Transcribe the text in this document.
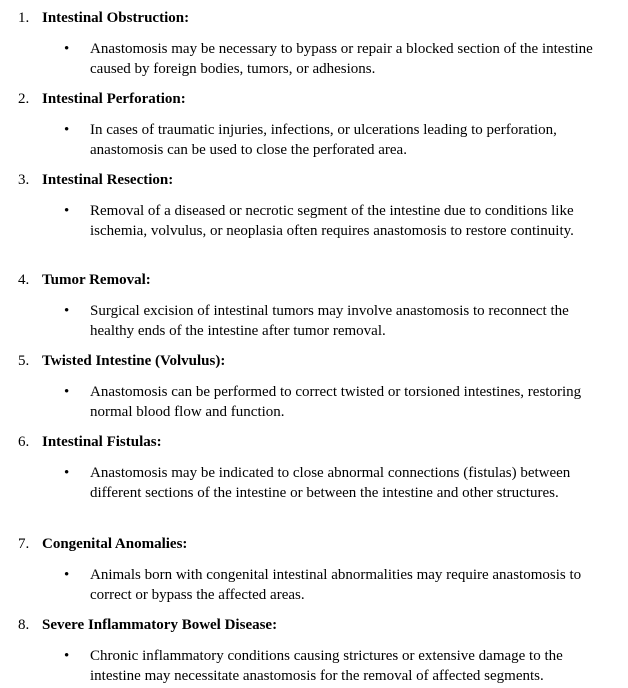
1. Intestinal Obstruction:
• Anastomosis may be necessary to bypass or repair a blocked section of the intestine caused by foreign bodies, tumors, or adhesions.
2. Intestinal Perforation:
• In cases of traumatic injuries, infections, or ulcerations leading to perforation, anastomosis can be used to close the perforated area.
3. Intestinal Resection:
• Removal of a diseased or necrotic segment of the intestine due to conditions like ischemia, volvulus, or neoplasia often requires anastomosis to restore continuity.
4. Tumor Removal:
• Surgical excision of intestinal tumors may involve anastomosis to reconnect the healthy ends of the intestine after tumor removal.
5. Twisted Intestine (Volvulus):
• Anastomosis can be performed to correct twisted or torsioned intestines, restoring normal blood flow and function.
6. Intestinal Fistulas:
• Anastomosis may be indicated to close abnormal connections (fistulas) between different sections of the intestine or between the intestine and other structures.
7. Congenital Anomalies:
• Animals born with congenital intestinal abnormalities may require anastomosis to correct or bypass the affected areas.
8. Severe Inflammatory Bowel Disease:
• Chronic inflammatory conditions causing strictures or extensive damage to the intestine may necessitate anastomosis for the removal of affected segments.
